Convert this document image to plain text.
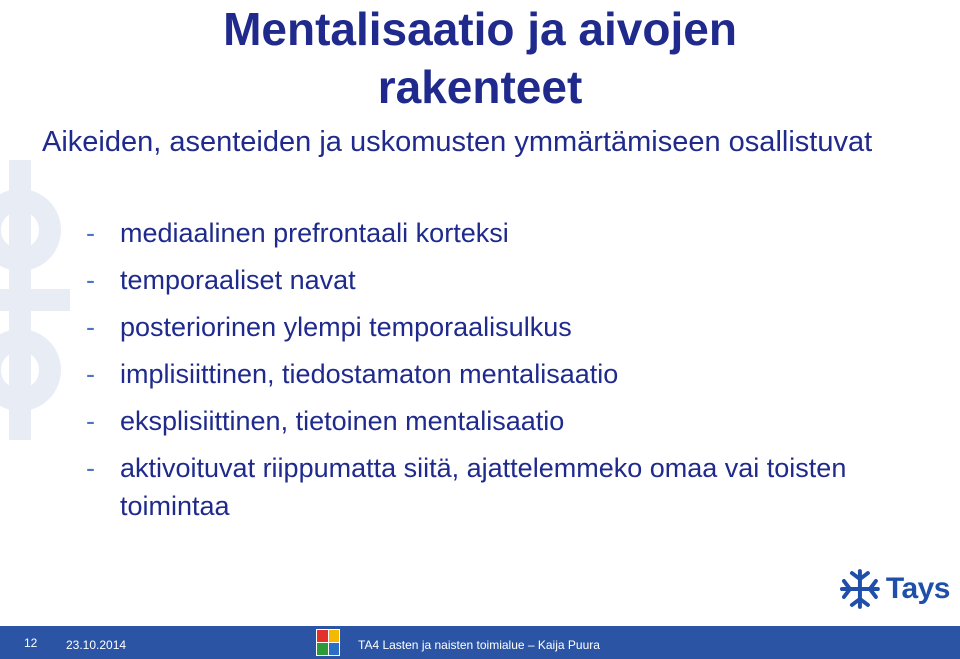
Mentalisaatio ja aivojen
rakenteet

Aikeiden, asenteiden ja uskomusten ymmärtämiseen osallistuvat

- mediaalinen prefrontaali korteksi
- temporaaliset navat
- posteriorinen ylempi temporaalisulkus
- implisiittinen, tiedostamaton mentalisaatio
- eksplisiittinen, tietoinen mentalisaatio
- aktivoituvat riippumatta siitä, ajattelemmeko omaa vai toisten toimintaa
Tays
12 23.10.2014	TA4 Lasten ja naisten toimialue – Kaija Puura
